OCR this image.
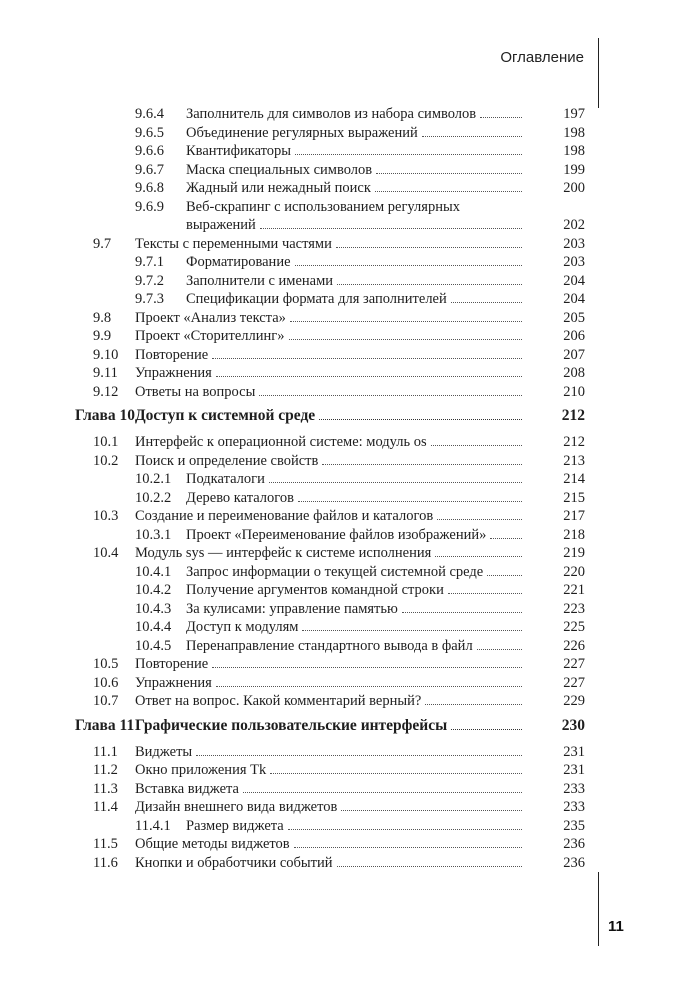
Оглавление
11
9.6.4 Заполнитель для символов из набора символов	197
9.6.5 Объединение регулярных выражений	198
9.6.6 Квантификаторы	198
9.6.7 Маска специальных символов	199
9.6.8 Жадный или нежадный поиск	200
9.6.9 Веб-скрапинг с использованием регулярных
выражений	202
9.7 Тексты с переменными частями	203
9.7.1 Форматирование	203
9.7.2 Заполнители с именами	204
9.7.3 Спецификации формата для заполнителей	204
9.8 Проект «Анализ текста»	205
9.9 Проект «Сторителлинг»	206
9.10 Повторение	207
9.11 Упражнения	208
9.12 Ответы на вопросы	210
Глава 10 Доступ к системной среде	212
10.1 Интерфейс к операционной системе: модуль os	212
10.2 Поиск и определение свойств	213
10.2.1 Подкаталоги	214
10.2.2 Дерево каталогов	215
10.3 Создание и переименование файлов и каталогов	217
10.3.1 Проект «Переименование файлов изображений»	218
10.4 Модуль sys — интерфейс к системе исполнения	219
10.4.1 Запрос информации о текущей системной среде	220
10.4.2 Получение аргументов командной строки	221
10.4.3 За кулисами: управление памятью	223
10.4.4 Доступ к модулям	225
10.4.5 Перенаправление стандартного вывода в файл	226
10.5 Повторение	227
10.6 Упражнения	227
10.7 Ответ на вопрос. Какой комментарий верный?	229
Глава 11 Графические пользовательские интерфейсы	230
11.1 Виджеты	231
11.2 Окно приложения Tk	231
11.3 Вставка виджета	233
11.4 Дизайн внешнего вида виджетов	233
11.4.1 Размер виджета	235
11.5 Общие методы виджетов	236
11.6 Кнопки и обработчики событий	236
